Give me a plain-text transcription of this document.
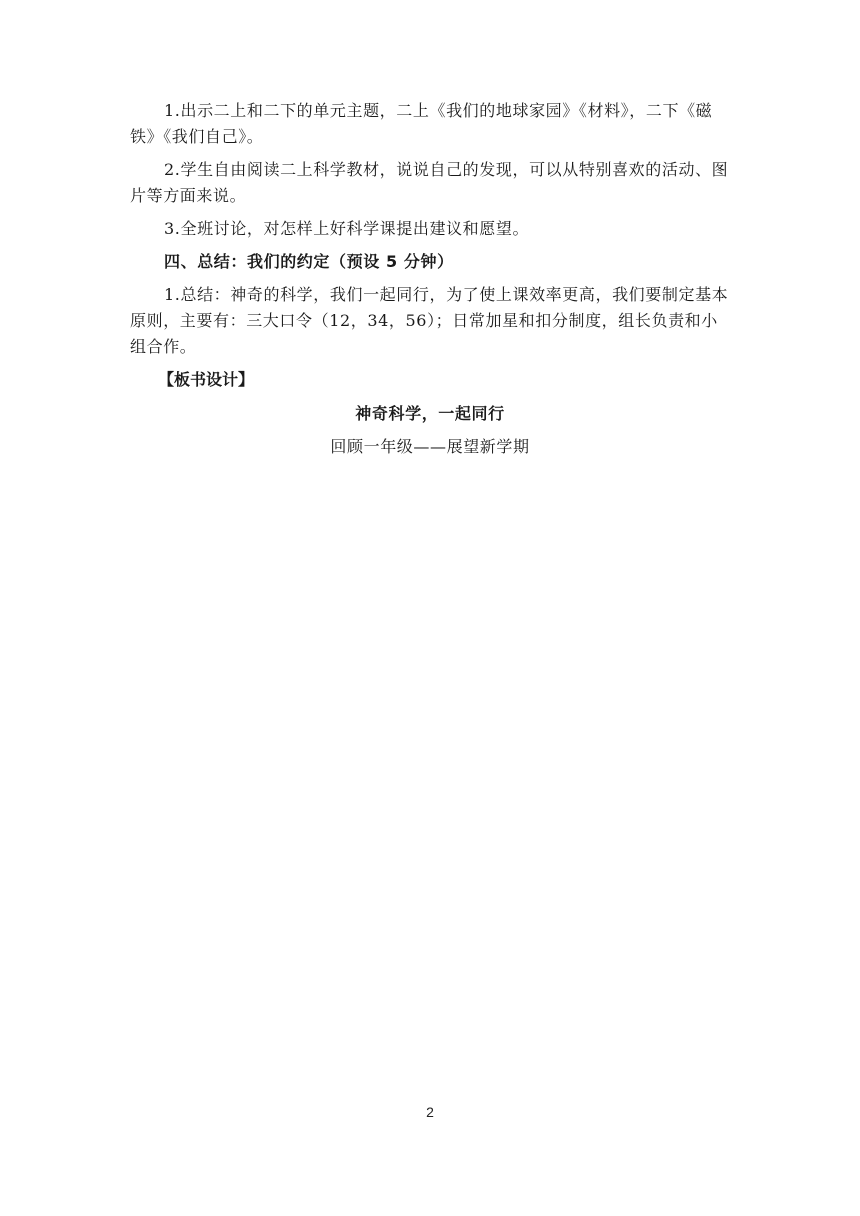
1.出示二上和二下的单元主题，二上《我们的地球家园》《材料》，二下《磁铁》《我们自己》。

2.学生自由阅读二上科学教材，说说自己的发现，可以从特别喜欢的活动、图片等方面来说。

3.全班讨论，对怎样上好科学课提出建议和愿望。

四、总结：我们的约定（预设 5 分钟）

1.总结：神奇的科学，我们一起同行，为了使上课效率更高，我们要制定基本原则，主要有：三大口令（12，34，56）；日常加星和扣分制度，组长负责和小组合作。

【板书设计】

神奇科学，一起同行

回顾一年级——展望新学期

2
